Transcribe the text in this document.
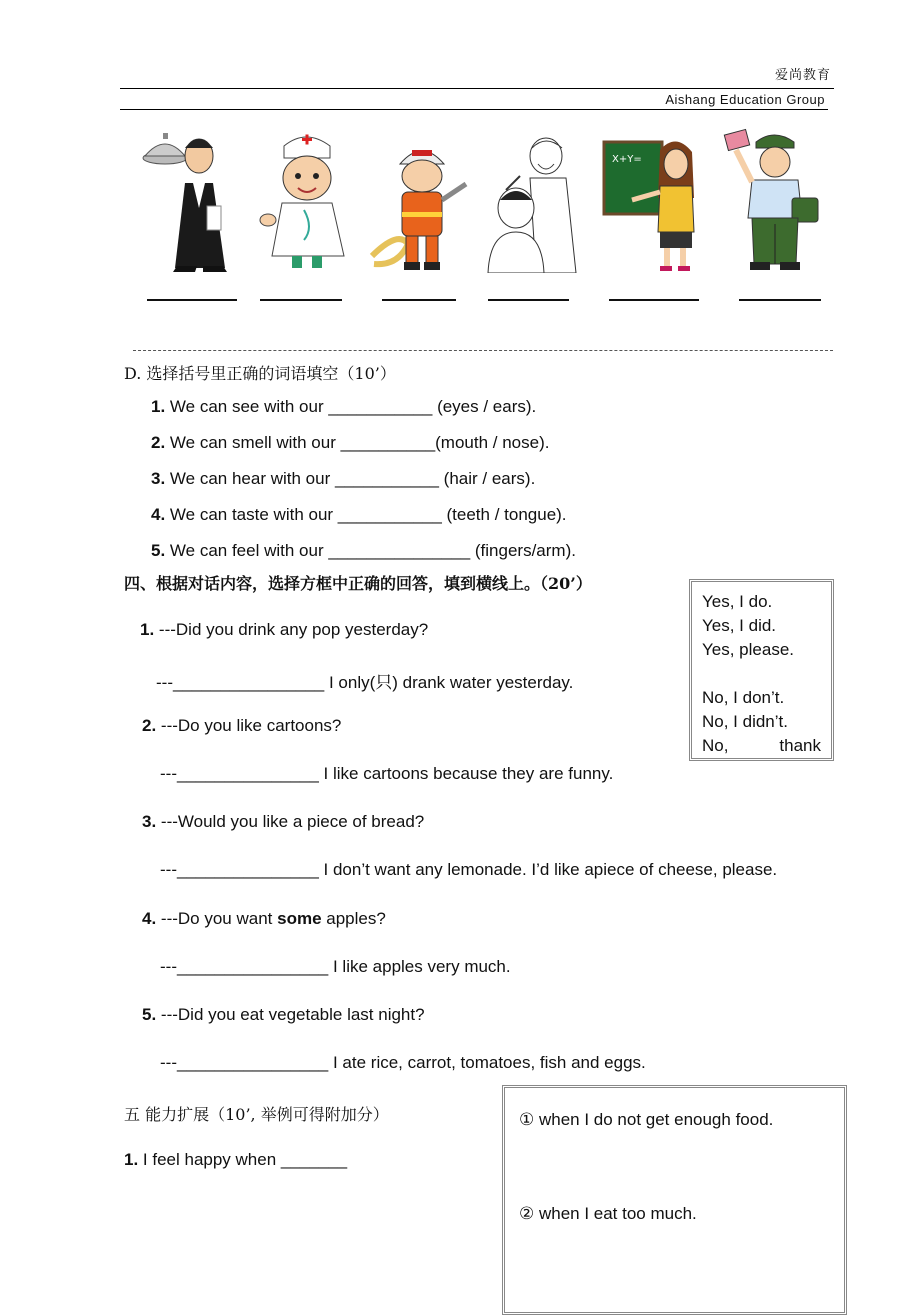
爱尚教育
Aishang Education Group
X+Y=
D. 选择括号里正确的词语填空（10’）
1. We can see with our ___________ (eyes / ears).
2. We can smell with our __________(mouth / nose).
3. We can hear with our ___________ (hair / ears).
4. We can taste with our ___________ (teeth / tongue).
5. We can feel with our _______________ (fingers/arm).
四、根据对话内容，选择方框中正确的回答，填到横线上。（20’）
Yes, I do.
Yes, I did.
Yes, please.
No, I don’t.
No, I didn’t.
No,	thank
1. ---Did you drink any pop yesterday?
---________________ I only(只) drank water yesterday.
2. ---Do you like cartoons?
---_______________ I like cartoons because they are funny.
3. ---Would you like a piece of bread?
---_______________ I don’t want any lemonade. I’d like apiece of cheese, please.
4. ---Do you want some apples?
---________________ I like apples very much.
5. ---Did you eat vegetable last night?
---________________ I ate rice, carrot, tomatoes, fish and eggs.
五 能力扩展（10’, 举例可得附加分）
1. I feel happy when _______
① when I do not get enough food.
② when I eat too much.
